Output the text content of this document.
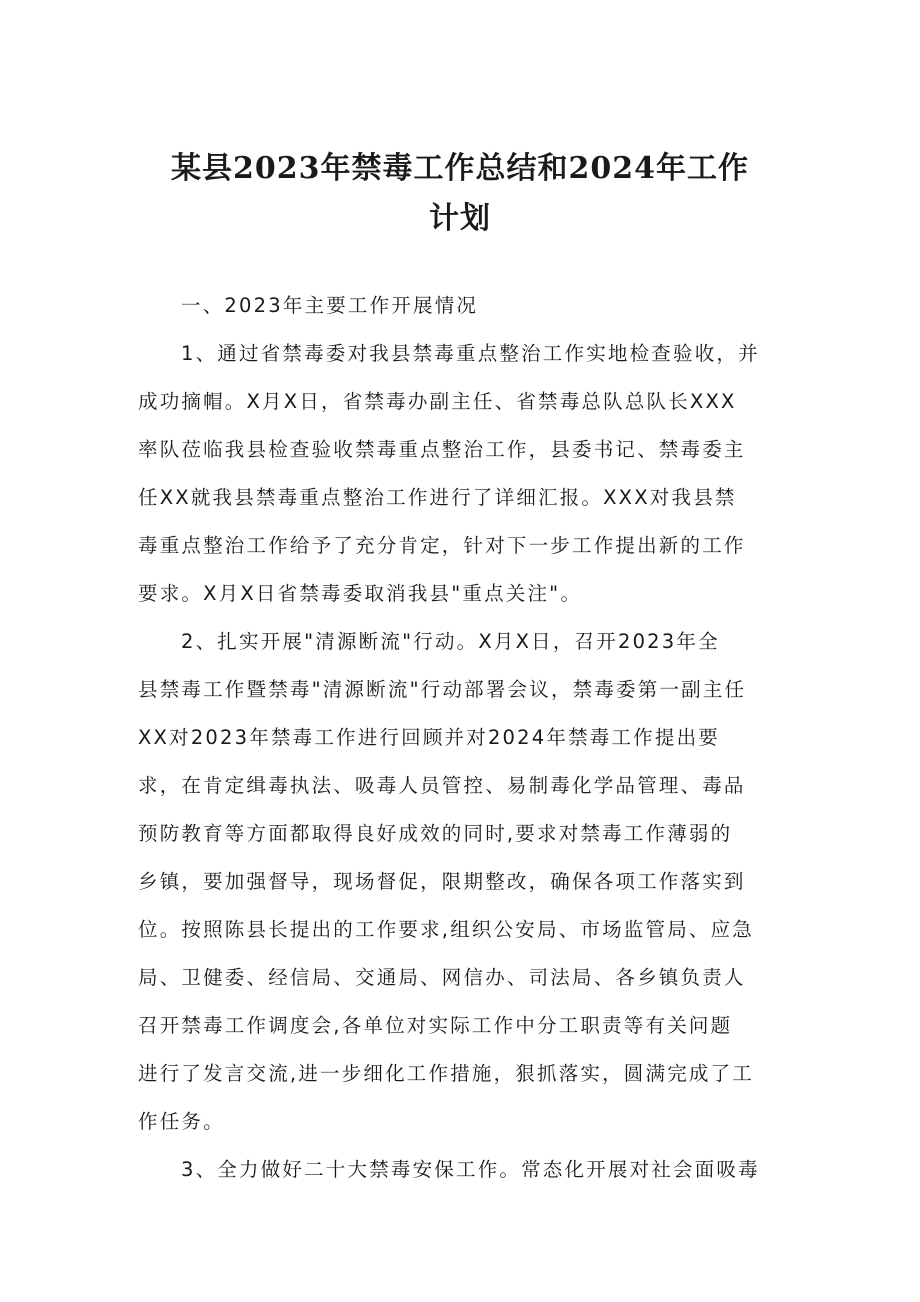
某县2023年禁毒工作总结和2024年工作
计划
一、2023年主要工作开展情况
1、通过省禁毒委对我县禁毒重点整治工作实地检查验收，并
成功摘帽。X月X日，省禁毒办副主任、省禁毒总队总队长XXX
率队莅临我县检查验收禁毒重点整治工作，县委书记、禁毒委主
任XX就我县禁毒重点整治工作进行了详细汇报。XXX对我县禁
毒重点整治工作给予了充分肯定，针对下一步工作提出新的工作
要求。X月X日省禁毒委取消我县"重点关注"。
2、扎实开展"清源断流"行动。X月X日，召开2023年全
县禁毒工作暨禁毒"清源断流"行动部署会议，禁毒委第一副主任
XX对2023年禁毒工作进行回顾并对2024年禁毒工作提出要
求，在肯定缉毒执法、吸毒人员管控、易制毒化学品管理、毒品
预防教育等方面都取得良好成效的同时,要求对禁毒工作薄弱的
乡镇，要加强督导，现场督促，限期整改，确保各项工作落实到
位。按照陈县长提出的工作要求,组织公安局、市场监管局、应急
局、卫健委、经信局、交通局、网信办、司法局、各乡镇负责人
召开禁毒工作调度会,各单位对实际工作中分工职责等有关问题
进行了发言交流,进一步细化工作措施，狠抓落实，圆满完成了工
作任务。
3、全力做好二十大禁毒安保工作。常态化开展对社会面吸毒
